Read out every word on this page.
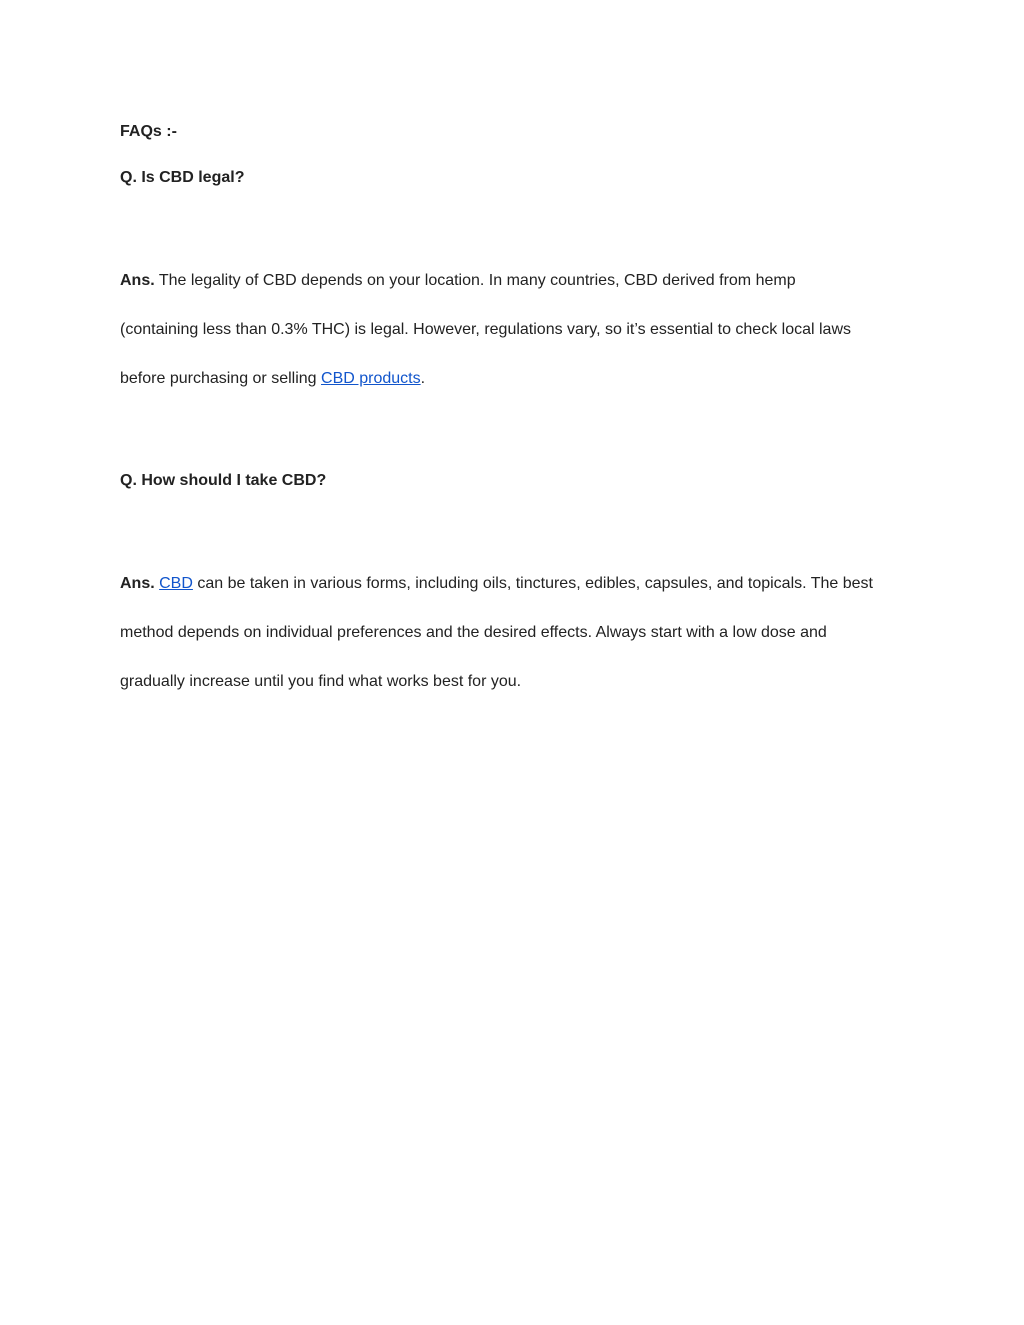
FAQs :-
Q. Is CBD legal?
Ans. The legality of CBD depends on your location. In many countries, CBD derived from hemp
(containing less than 0.3% THC) is legal. However, regulations vary, so it’s essential to check local laws
before purchasing or selling CBD products.
Q. How should I take CBD?
Ans. CBD can be taken in various forms, including oils, tinctures, edibles, capsules, and topicals. The best
method depends on individual preferences and the desired effects. Always start with a low dose and
gradually increase until you find what works best for you.
